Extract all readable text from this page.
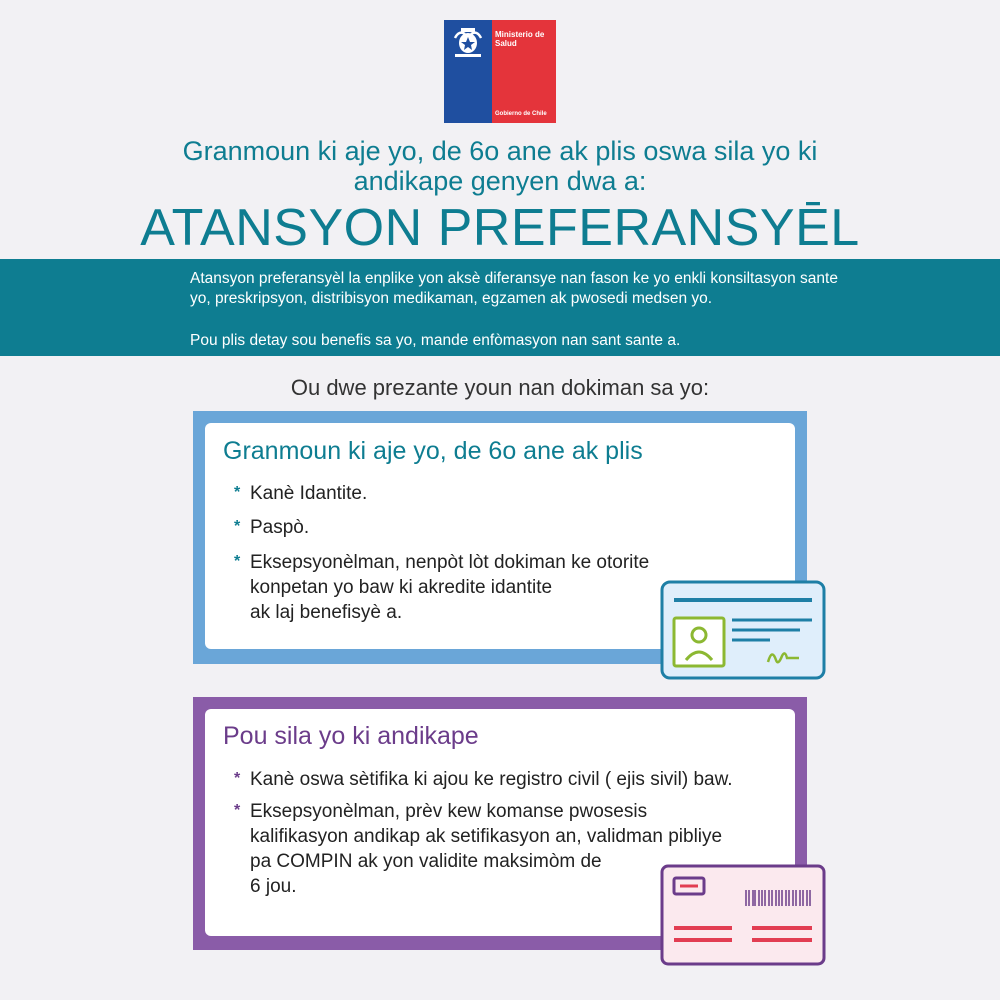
Ministerio de
Salud
Gobierno de Chile
Granmoun ki aje yo, de 6o ane ak plis oswa sila yo ki
andikape genyen dwa a:
ATANSYON PREFERANSYĒL
Atansyon preferansyèl la enplike yon aksè diferansye nan fason ke yo enkli konsiltasyon sante yo, preskripsyon, distribisyon medikaman, egzamen ak pwosedi medsen yo.
Pou plis detay sou benefis sa yo, mande enfòmasyon nan sant sante a.
Ou dwe prezante youn nan dokiman sa yo:
Granmoun ki aje yo, de 6o ane ak plis
* Kanè Idantite.
* Paspò.
* Eksepsyonèlman, nenpòt lòt dokiman ke otorite
konpetan yo baw ki akredite idantite
ak laj benefisyè a.
Pou sila yo ki andikape
* Kanè oswa sètifika ki ajou ke registro civil ( ejis sivil) baw.
* Eksepsyonèlman, prèv kew komanse pwosesis
kalifikasyon andikap ak setifikasyon an, validman pibliye
pa COMPIN ak yon validite maksimòm de
6 jou.
